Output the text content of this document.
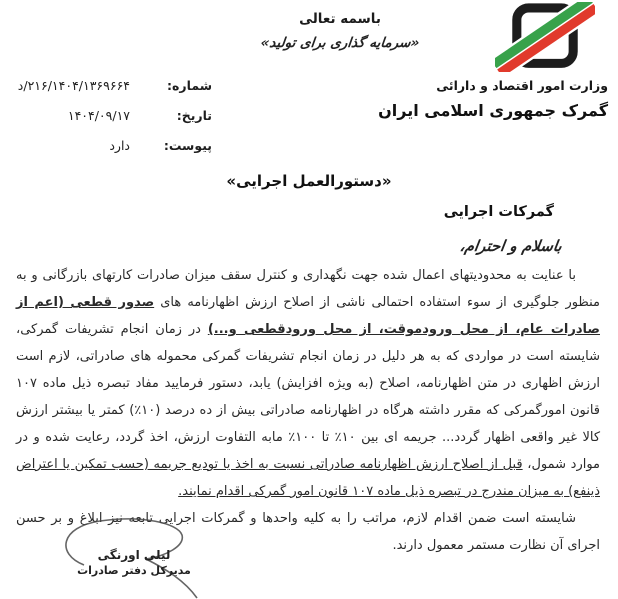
باسمه تعالی
«سرمایه گذاری برای تولید»
وزارت امور اقتصاد و دارائی
گمرک جمهوری اسلامی ایران
شماره:
۲۱۶/۱۴۰۴/۱۳۶۹۶۶۴/د
تاریخ:
۱۴۰۴/۰۹/۱۷
پیوست:
دارد
«دستورالعمل اجرایی»
گمرکات اجرایی
باسلام و احترام،

با عنایت به محدودیتهای اعمال شده جهت نگهداری و کنترل سقف میزان صادرات کارتهای بازرگانی و به منظور جلوگیری از سوء استفاده احتمالی ناشی از اصلاح ارزش اظهارنامه های صدور قطعی (اعم از صادرات عام، از محل ورودموقت، از محل ورودقطعی و...) در زمان انجام تشریفات گمرکی، شایسته است در مواردی که به هر دلیل در زمان انجام تشریفات گمرکی محموله های صادراتی، لازم است ارزش اظهاری در متن اظهارنامه، اصلاح (به ویژه افزایش) یابد، دستور فرمایید مفاد تبصره ذیل ماده ۱۰۷ قانون امورگمرکی که مقرر داشته هرگاه در اظهارنامه صادراتی بیش از ده درصد (۱۰٪) کمتر یا بیشتر ارزش کالا غیر واقعی اظهار گردد... جریمه ای بین ۱۰٪ تا ۱۰۰٪ مابه التفاوت ارزش، اخذ گردد، رعایت شده و در موارد شمول، قبل از اصلاح ارزش اظهارنامه صادراتی نسبت به اخذ یا تودیع جریمه (حسب تمکین یا اعتراض ذینفع) به میزان مندرج در تبصره ذیل ماده ۱۰۷ قانون امور گمرکی اقدام نمایند.

شایسته است ضمن اقدام لازم، مراتب را به کلیه واحدها و گمرکات اجرایی تابعه نیز ابلاغ و بر حسن اجرای آن نظارت مستمر معمول دارند.

لیلی اورنگی
مدیرکل دفتر صادرات
